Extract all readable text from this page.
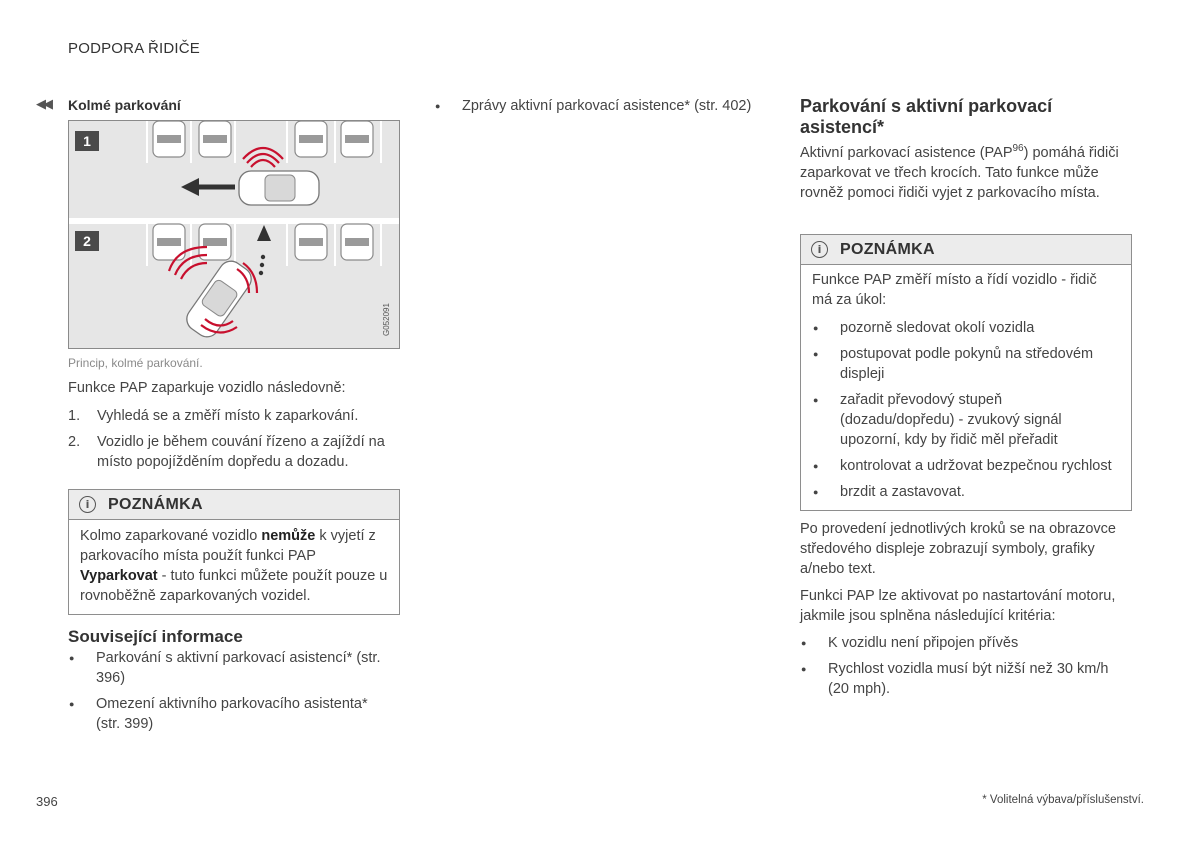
PODPORA ŘIDIČE
◀◀ Kolmé parkování
1
2
G052091
Princip, kolmé parkování.
Funkce PAP zaparkuje vozidlo následovně:
1. Vyhledá se a změří místo k zaparkování.
2. Vozidlo je během couvání řízeno a zajíždí na místo popojížděním dopředu a dozadu.
i	POZNÁMKA
Kolmo zaparkované vozidlo nemůže k vyjetí z parkovacího místa použít funkci PAP Vyparkovat - tuto funkci můžete použít pouze u rovnoběžně zaparkovaných vozidel.
Související informace
● Parkování s aktivní parkovací asistencí* (str. 396)
● Omezení aktivního parkovacího asistenta* (str. 399)
● Zprávy aktivní parkovací asistence* (str. 402)	Parkování s aktivní parkovací asistencí*
Aktivní parkovací asistence (PAP$^{96}$) pomáhá řidiči zaparkovat ve třech krocích. Tato funkce může rovněž pomoci řidiči vyjet z parkovacího místa.
i	POZNÁMKA

Funkce PAP změří místo a řídí vozidlo - řidič má za úkol:

● pozorně sledovat okolí vozidla
● postupovat podle pokynů na středovém displeji
● zařadit převodový stupeň (dozadu/dopředu) - zvukový signál upozorní, kdy by řidič měl přeřadit
● kontrolovat a udržovat bezpečnou rychlost
● brzdit a zastavovat.
Po provedení jednotlivých kroků se na obrazovce středového displeje zobrazují symboly, grafiky a/nebo text.
Funkci PAP lze aktivovat po nastartování motoru, jakmile jsou splněna následující kritéria:
● K vozidlu není připojen přívěs
● Rychlost vozidla musí být nižší než 30 km/h (20 mph).
396	* Volitelná výbava/příslušenství.
